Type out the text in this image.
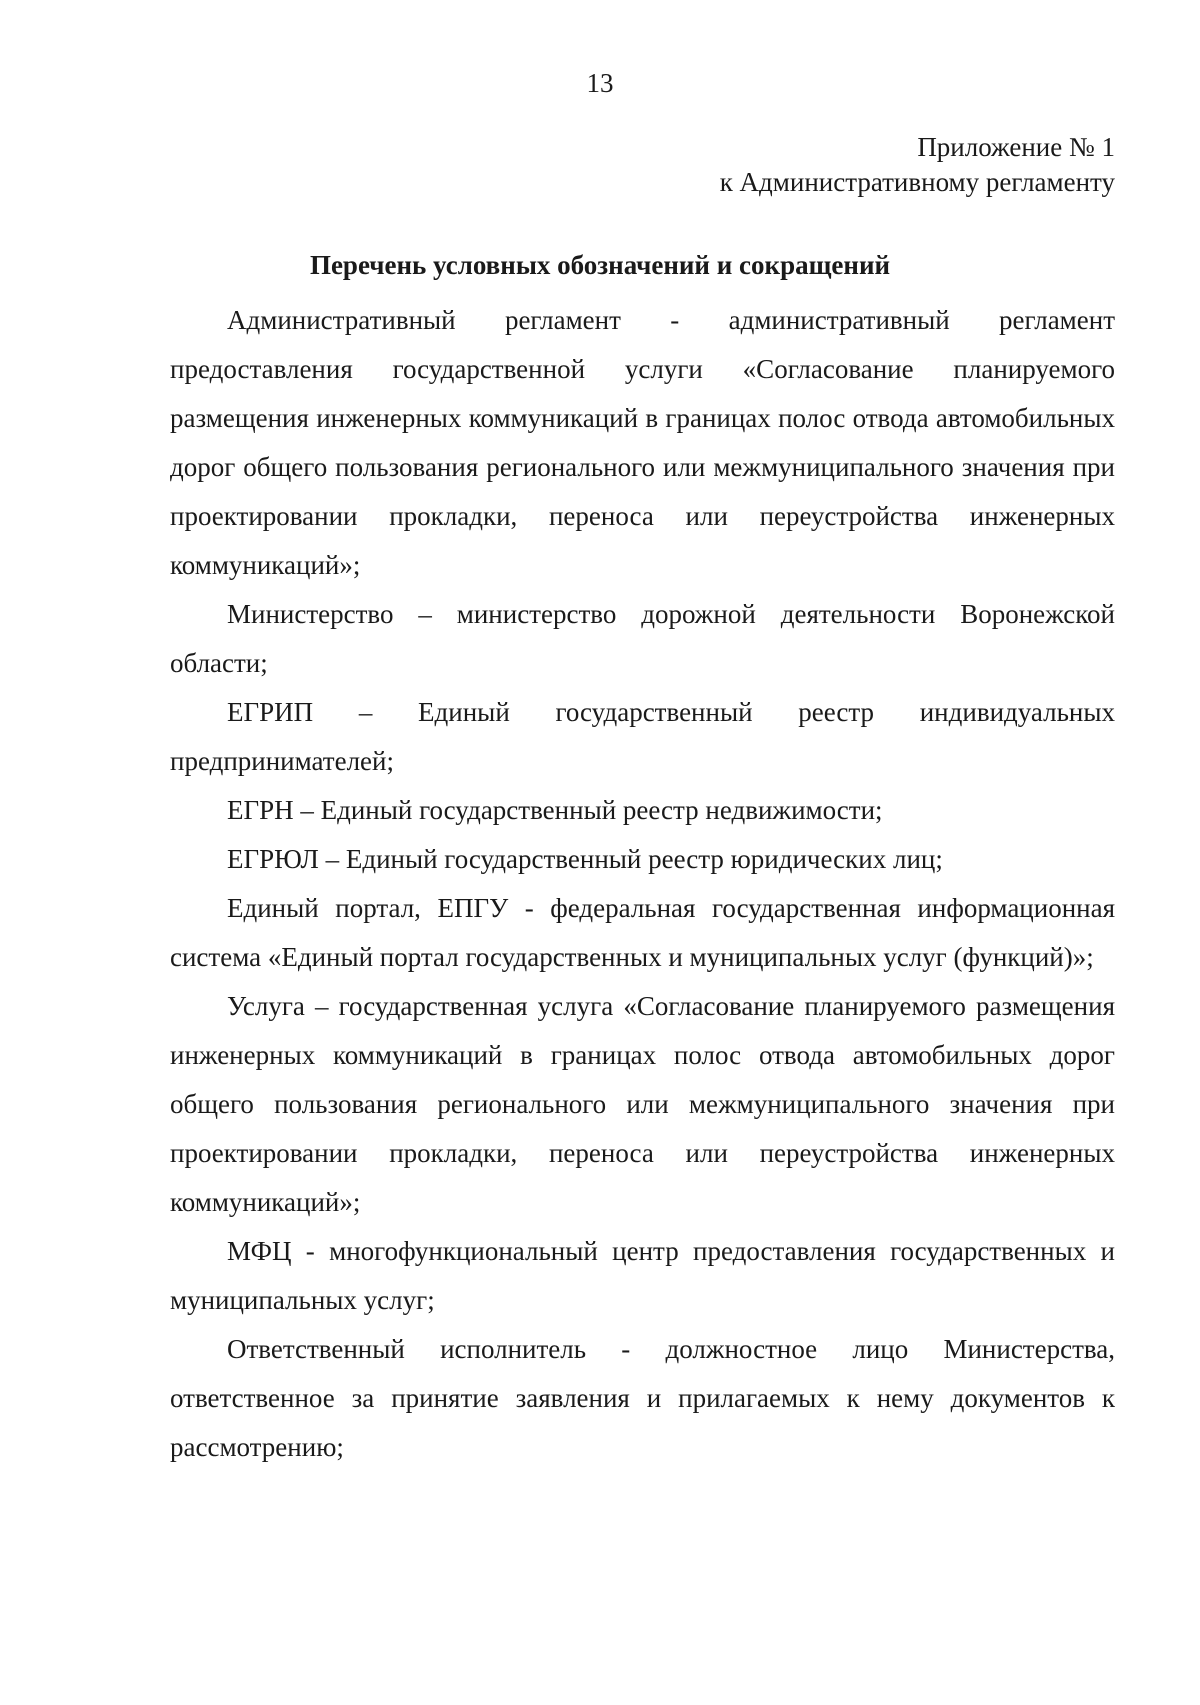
13
Приложение № 1
к Административному регламенту
Перечень условных обозначений и сокращений

Административный регламент - административный регламент предоставления государственной услуги «Согласование планируемого размещения инженерных коммуникаций в границах полос отвода автомобильных дорог общего пользования регионального или межмуниципального значения при проектировании прокладки, переноса или переустройства инженерных коммуникаций»;

Министерство – министерство дорожной деятельности Воронежской области;

ЕГРИП – Единый государственный реестр индивидуальных предпринимателей;

ЕГРН – Единый государственный реестр недвижимости;

ЕГРЮЛ – Единый государственный реестр юридических лиц;

Единый портал, ЕПГУ - федеральная государственная информационная система «Единый портал государственных и муниципальных услуг (функций)»;

Услуга – государственная услуга «Согласование планируемого размещения инженерных коммуникаций в границах полос отвода автомобильных дорог общего пользования регионального или межмуниципального значения при проектировании прокладки, переноса или переустройства инженерных коммуникаций»;

МФЦ - многофункциональный центр предоставления государственных и муниципальных услуг;

Ответственный исполнитель - должностное лицо Министерства, ответственное за принятие заявления и прилагаемых к нему документов к рассмотрению;
